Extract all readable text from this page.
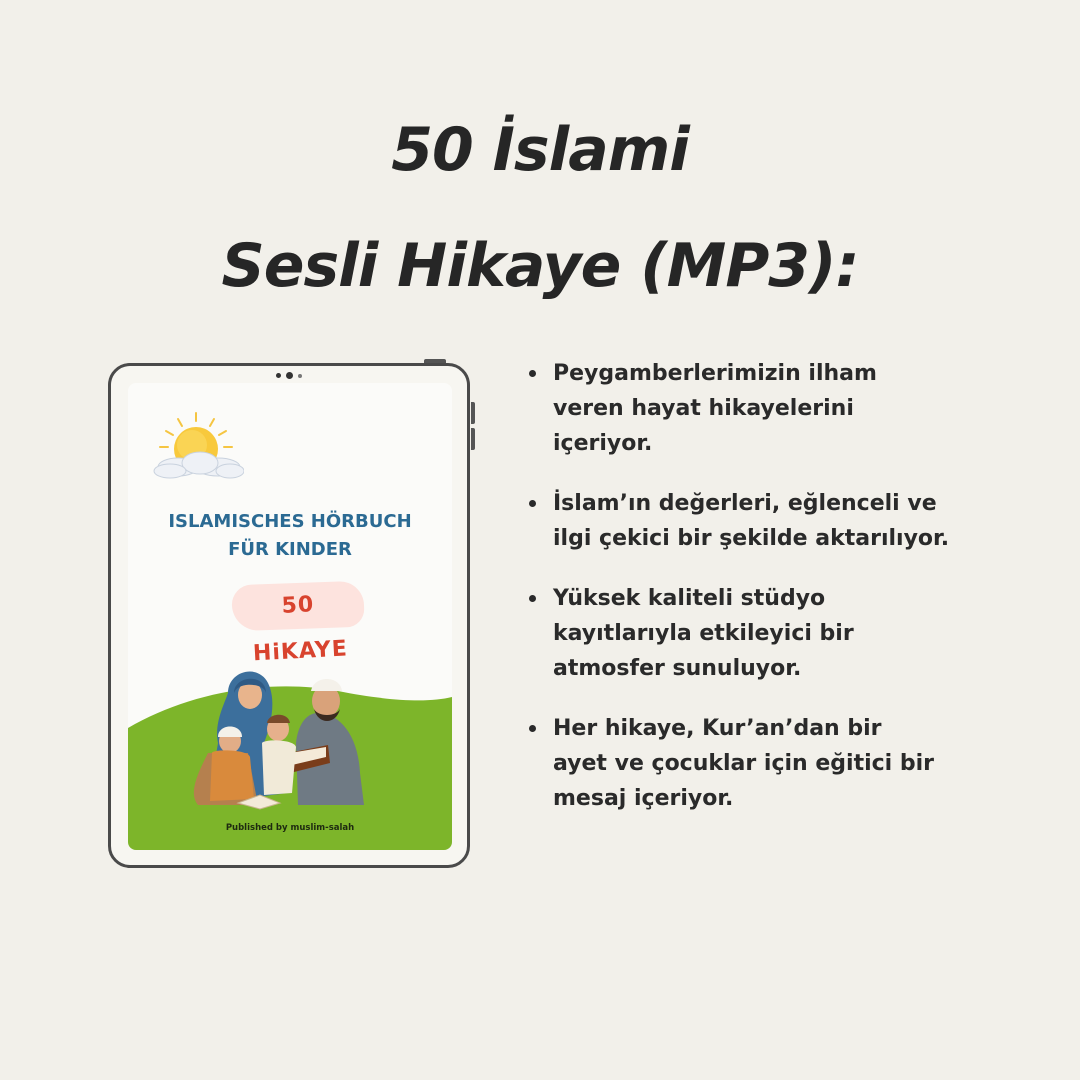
50 İslami
Sesli Hikaye (MP3):
ISLAMISCHES HÖRBUCH
FÜR KINDER
50 HiKAYE
Published by muslim-salah
Peygamberlerimizin ilham
veren hayat hikayelerini
içeriyor.
İslam’ın değerleri, eğlenceli ve
ilgi çekici bir şekilde aktarılıyor.
Yüksek kaliteli stüdyo
kayıtlarıyla etkileyici bir
atmosfer sunuluyor.
Her hikaye, Kur’an’dan bir
ayet ve çocuklar için eğitici bir
mesaj içeriyor.
